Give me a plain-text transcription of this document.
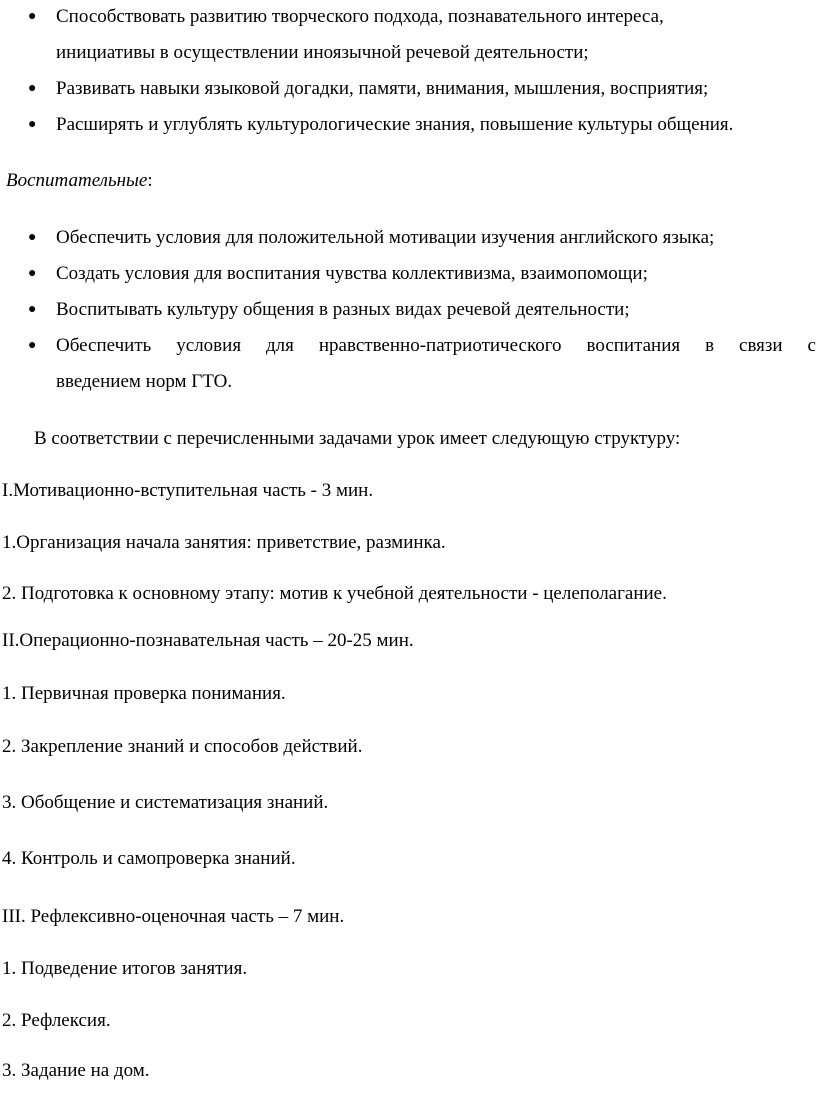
● Способствовать развитию творческого подхода, познавательного интереса,
инициативы в осуществлении иноязычной речевой деятельности;
● Развивать навыки языковой догадки, памяти, внимания, мышления, восприятия;
● Расширять и углублять культурологические знания, повышение культуры общения.
Воспитательные:
● Обеспечить условия для положительной мотивации изучения английского языка;
● Создать условия для воспитания чувства коллективизма, взаимопомощи;
● Воспитывать культуру общения в разных видах речевой деятельности;
● Обеспечить условия для нравственно-патриотического воспитания в связи с
введением норм ГТО.
В соответствии с перечисленными задачами урок имеет следующую структуру:
I.Мотивационно-вступительная часть - 3 мин.
1.Организация начала занятия: приветствие, разминка.
2. Подготовка к основному этапу: мотив к учебной деятельности - целеполагание.
II.Операционно-познавательная часть – 20-25 мин.
1. Первичная проверка понимания.
2. Закрепление знаний и способов действий.
3. Обобщение и систематизация знаний.
4. Контроль и самопроверка знаний.
III. Рефлексивно-оценочная часть – 7 мин.
1. Подведение итогов занятия.
2. Рефлексия.
3. Задание на дом.
